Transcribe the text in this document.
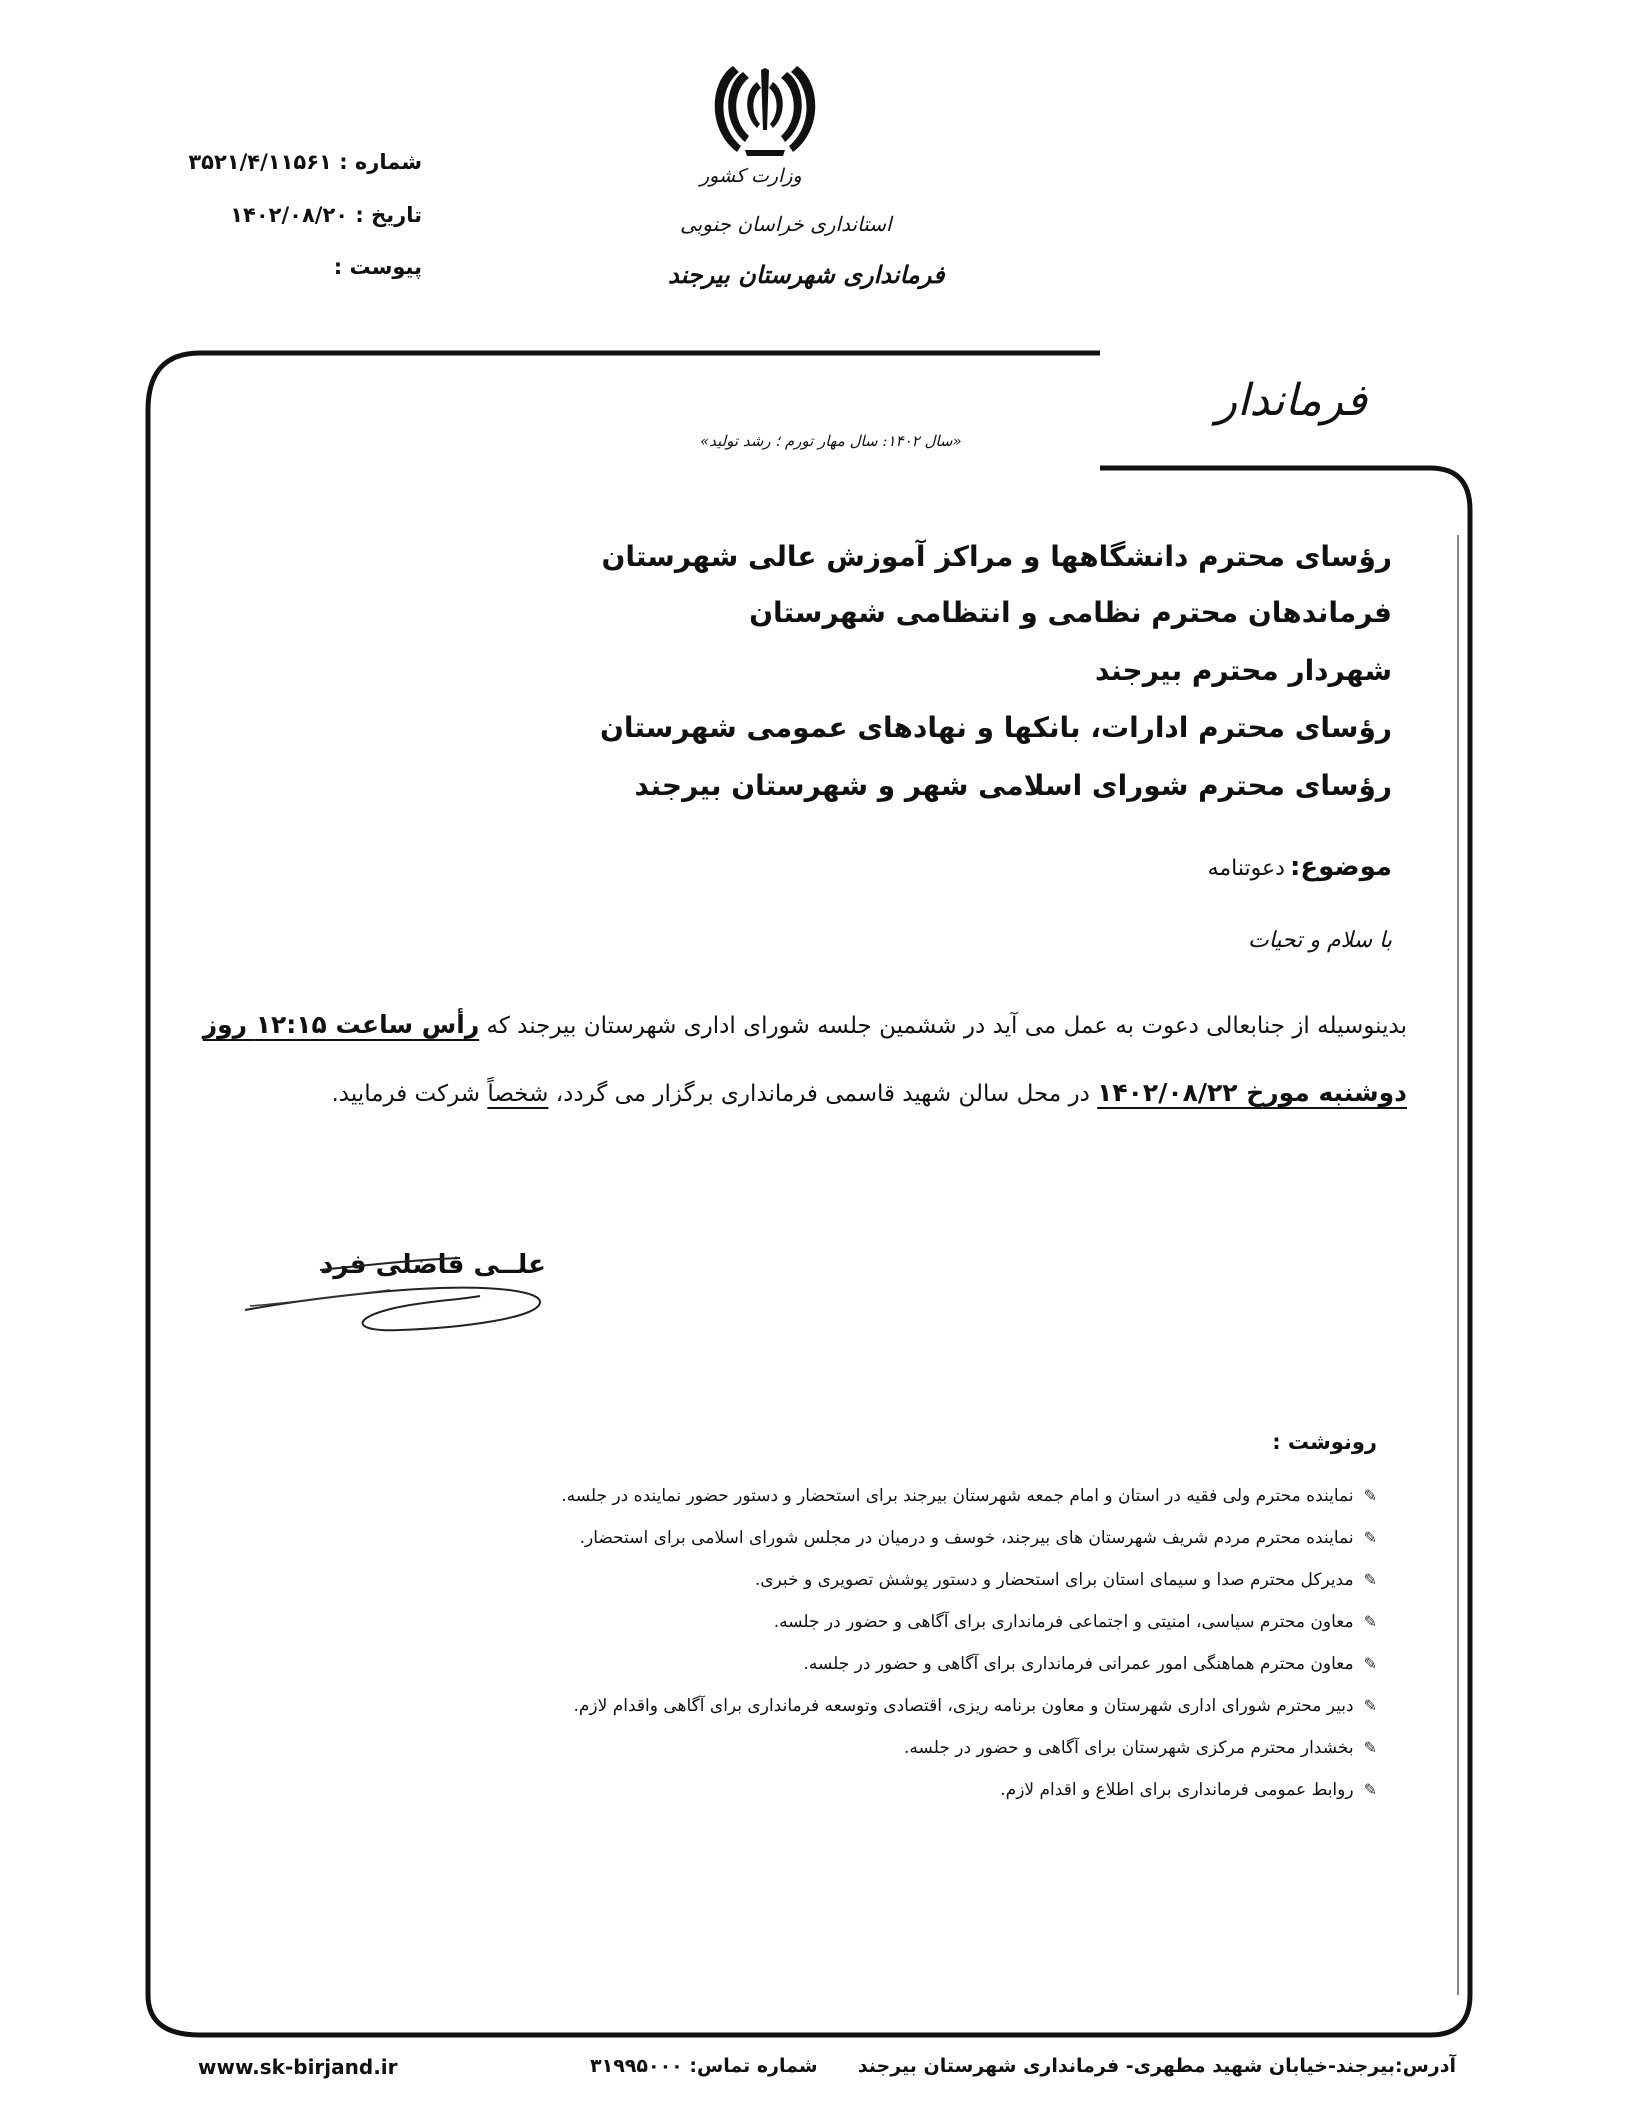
شماره : ۳۵۲۱/۴/۱۱۵۶۱
تاریخ : ۱۴۰۲/۰۸/۲۰
پیوست :
وزارت کشور
استانداری خراسان جنوبی
فرمانداری شهرستان بیرجند
فرماندار
«سال ۱۴۰۲: سال مهار تورم ؛ رشد تولید»
رؤسای محترم دانشگاهها و مراکز آموزش عالی شهرستان
فرماندهان محترم نظامی و انتظامی شهرستان
شهردار محترم بیرجند
رؤسای محترم ادارات، بانکها و نهادهای عمومی شهرستان
رؤسای محترم شورای اسلامی شهر و شهرستان بیرجند
موضوع: دعوتنامه
با سلام و تحیات
بدینوسیله از جنابعالی دعوت به عمل می آید در ششمین جلسه شورای اداری شهرستان بیرجند که رأس ساعت ۱۲:۱۵ روز
دوشنبه مورخ ۱۴۰۲/۰۸/۲۲ در محل سالن شهید قاسمی فرمانداری برگزار می گردد، شخصاً شرکت فرمایید.
علــی فاضلی فرد
رونوشت :
✎نماینده محترم ولی فقیه در استان و امام جمعه شهرستان بیرجند برای استحضار و دستور حضور نماینده در جلسه.
✎نماینده محترم مردم شریف شهرستان های بیرجند، خوسف و درمیان در مجلس شورای اسلامی برای استحضار.
✎مدیرکل محترم صدا و سیمای استان برای استحضار و دستور پوشش تصویری و خبری.
✎معاون محترم سیاسی، امنیتی و اجتماعی فرمانداری برای آگاهی و حضور در جلسه.
✎معاون محترم هماهنگی امور عمرانی فرمانداری برای آگاهی و حضور در جلسه.
✎دبیر محترم شورای اداری شهرستان و معاون برنامه ریزی، اقتصادی وتوسعه فرمانداری برای آگاهی واقدام لازم.
✎بخشدار محترم مرکزی شهرستان برای آگاهی و حضور در جلسه.
✎روابط عمومی فرمانداری برای اطلاع و اقدام لازم.
www.sk-birjand.ir	شماره تماس: ۳۱۹۹۵۰۰۰ آدرس:بیرجند-خیابان شهید مطهری- فرمانداری شهرستان بیرجند
